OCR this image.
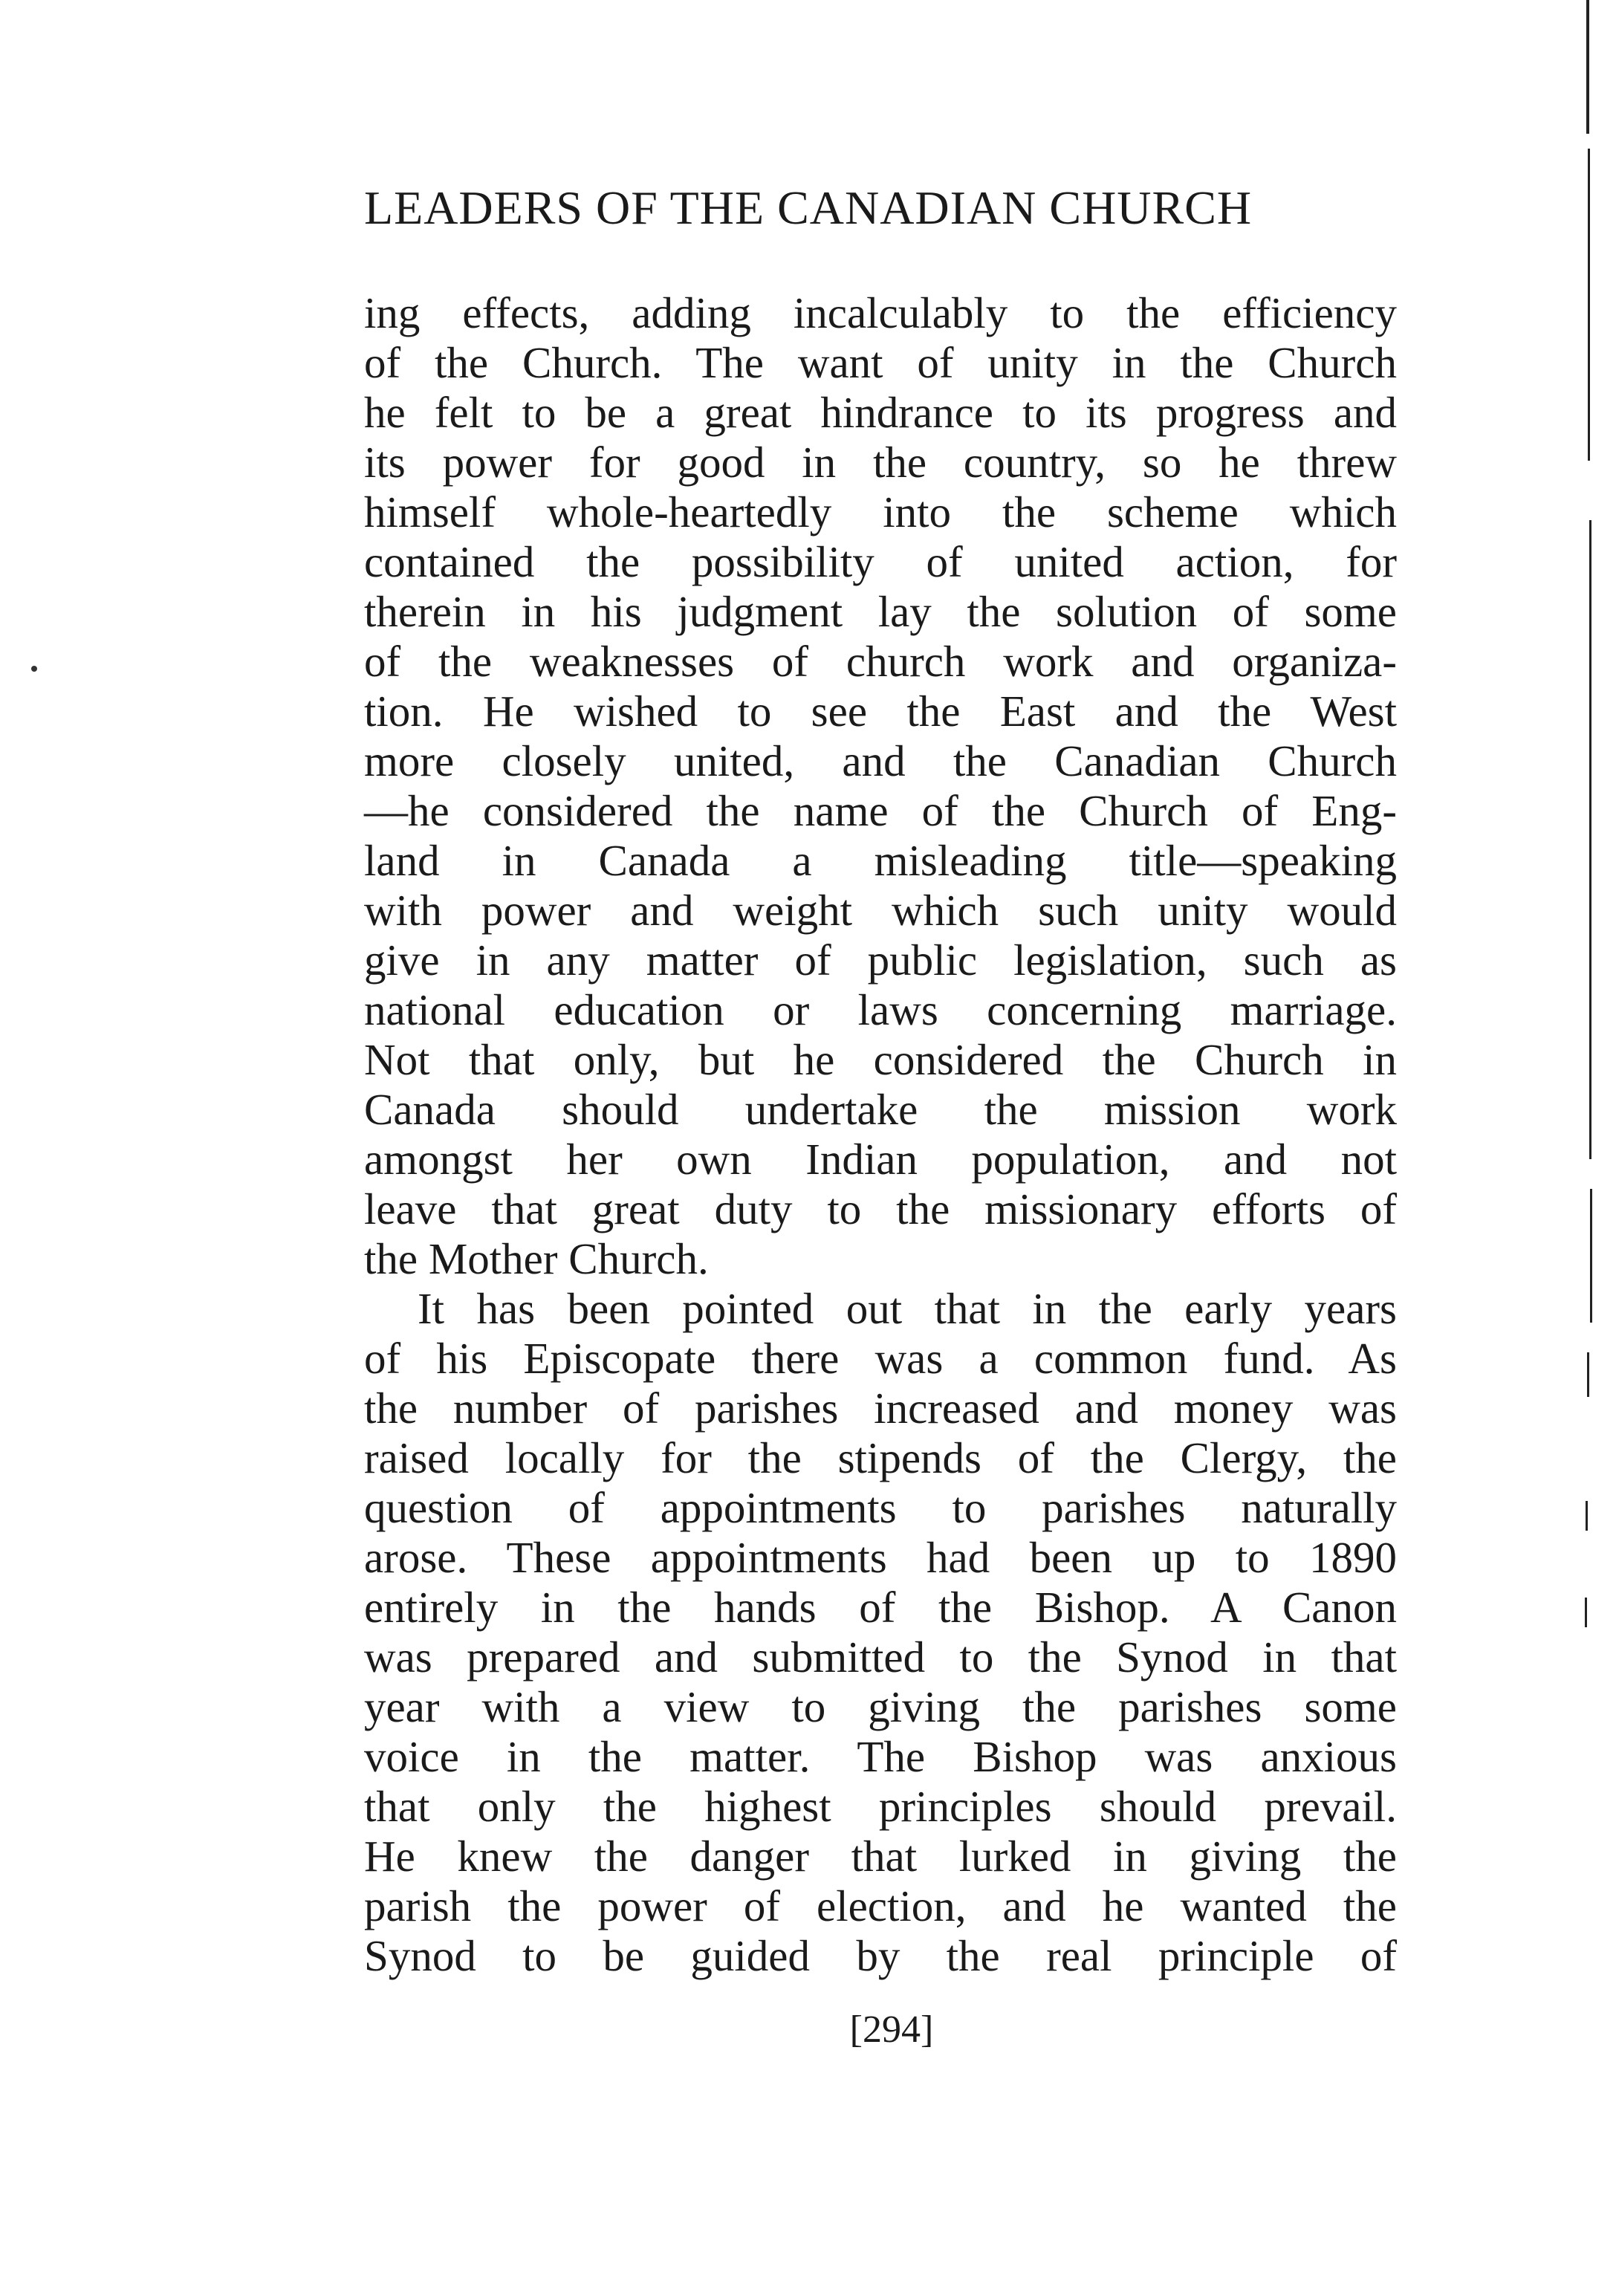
LEADERS OF THE CANADIAN CHURCH
ing effects, adding incalculably to the efficiency
of the Church. The want of unity in the Church
he felt to be a great hindrance to its progress and
its power for good in the country, so he threw
himself whole-heartedly into the scheme which
contained the possibility of united action, for
therein in his judgment lay the solution of some
of the weaknesses of church work and organiza-
tion. He wished to see the East and the West
more closely united, and the Canadian Church
—he considered the name of the Church of Eng-
land in Canada a misleading title—speaking
with power and weight which such unity would
give in any matter of public legislation, such as
national education or laws concerning marriage.
Not that only, but he considered the Church in
Canada should undertake the mission work
amongst her own Indian population, and not
leave that great duty to the missionary efforts of
the Mother Church.
It has been pointed out that in the early years
of his Episcopate there was a common fund. As
the number of parishes increased and money was
raised locally for the stipends of the Clergy, the
question of appointments to parishes naturally
arose. These appointments had been up to 1890
entirely in the hands of the Bishop. A Canon
was prepared and submitted to the Synod in that
year with a view to giving the parishes some
voice in the matter. The Bishop was anxious
that only the highest principles should prevail.
He knew the danger that lurked in giving the
parish the power of election, and he wanted the
Synod to be guided by the real principle of
[294]
